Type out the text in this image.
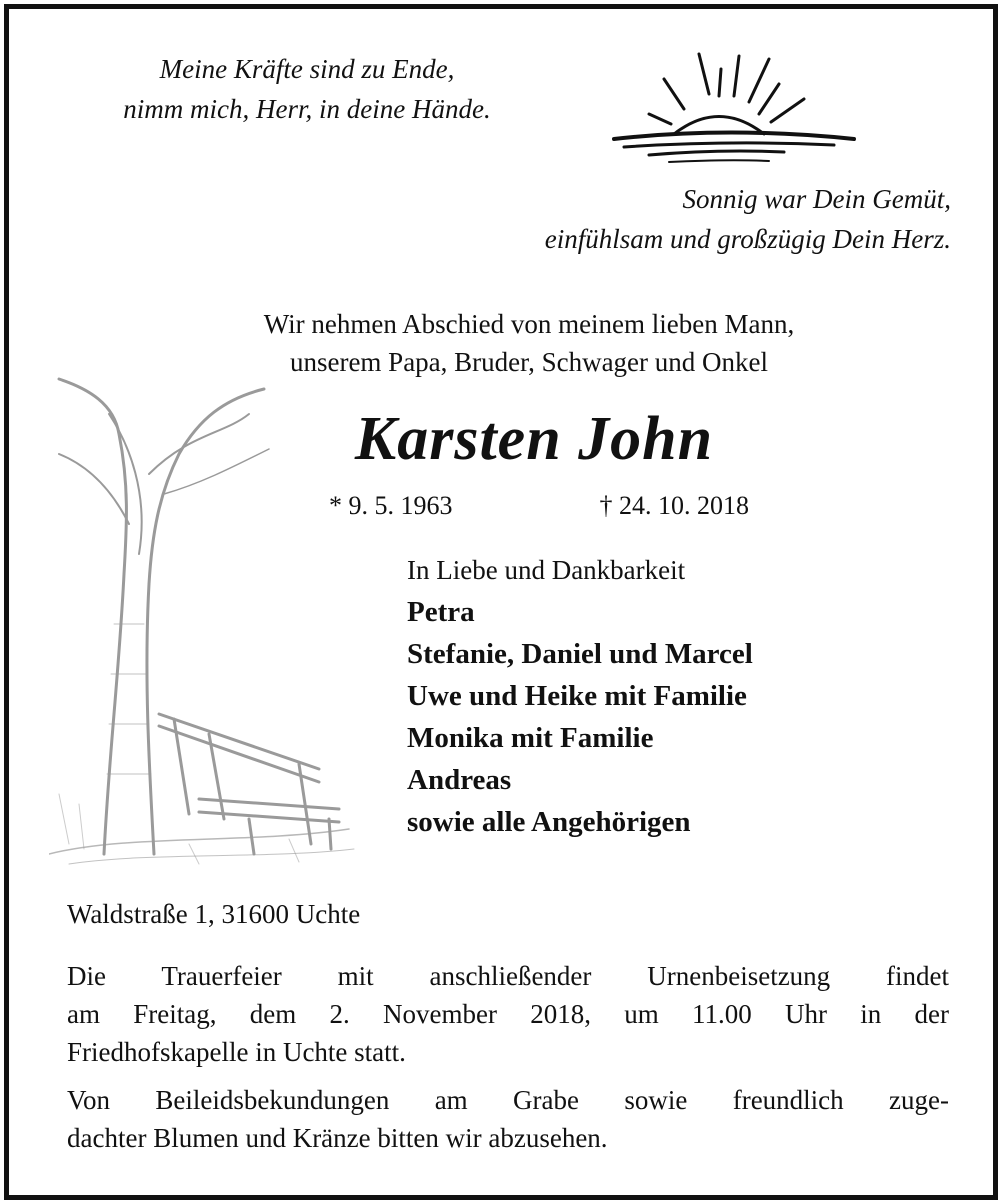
Meine Kräfte sind zu Ende,
nimm mich, Herr, in deine Hände.
Sonnig war Dein Gemüt,
einfühlsam und großzügig Dein Herz.
Wir nehmen Abschied von meinem lieben Mann,
unserem Papa, Bruder, Schwager und Onkel
Karsten John
* 9. 5. 1963	† 24. 10. 2018
In Liebe und Dankbarkeit
Petra
Stefanie, Daniel und Marcel
Uwe und Heike mit Familie
Monika mit Familie
Andreas
sowie alle Angehörigen
Waldstraße 1, 31600 Uchte
Die Trauerfeier mit anschließender Urnenbeisetzung findet
am Freitag, dem 2. November 2018, um 11.00 Uhr in der
Friedhofskapelle in Uchte statt.
Von Beileidsbekundungen am Grabe sowie freundlich zuge-
dachter Blumen und Kränze bitten wir abzusehen.
